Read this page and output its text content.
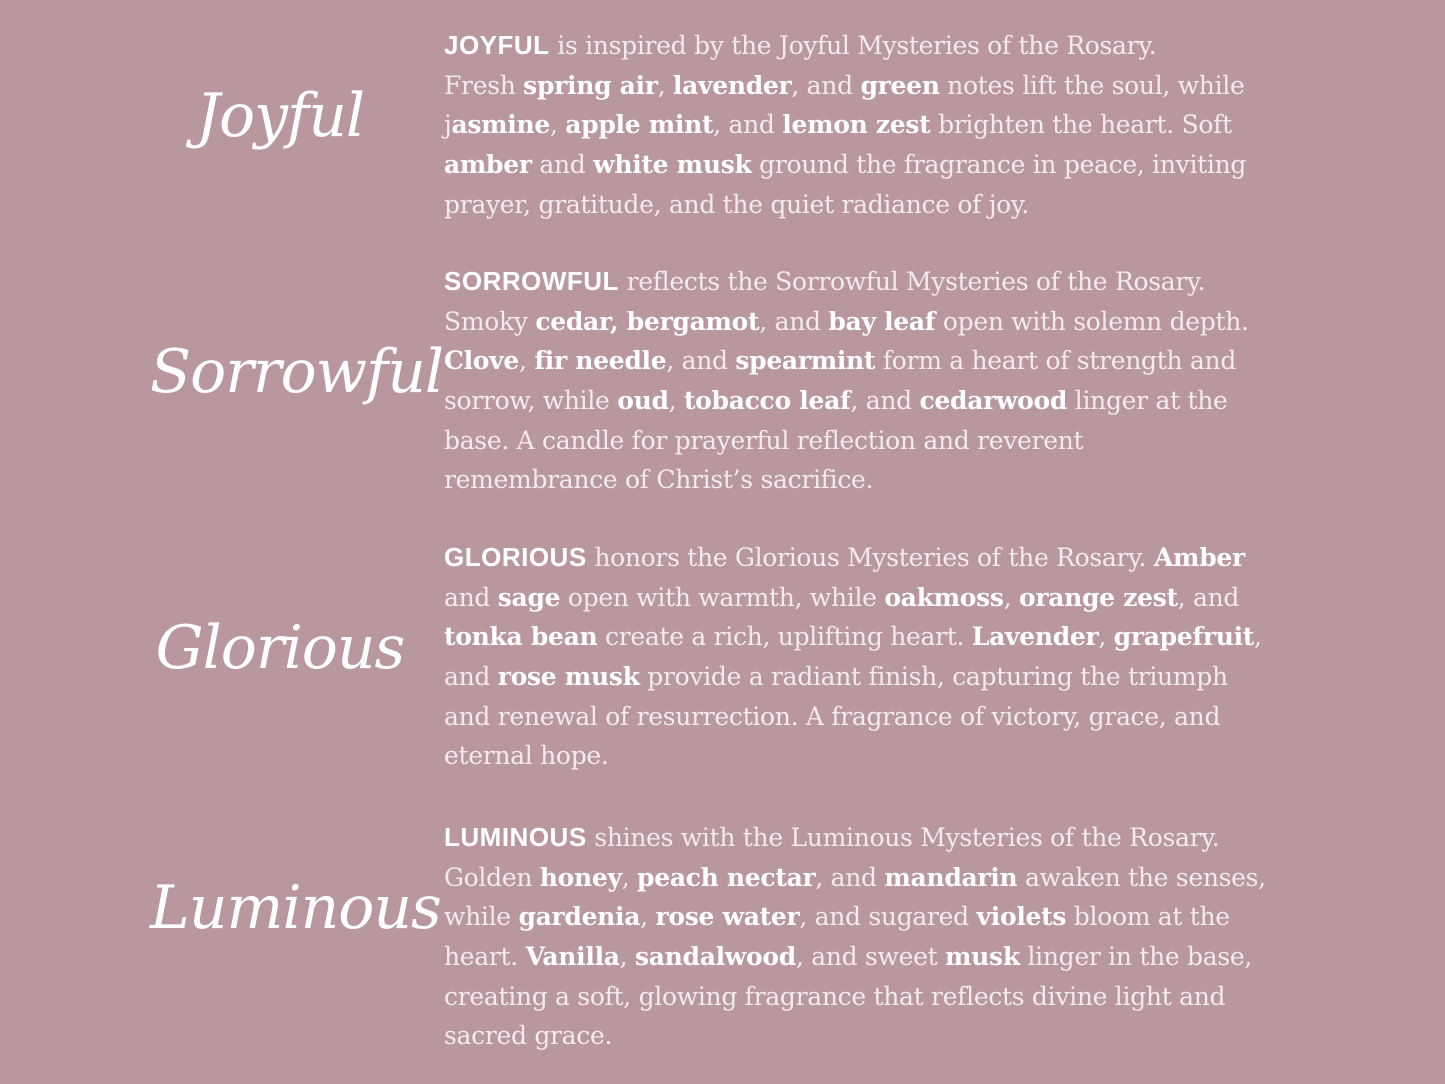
Joyful
JOYFUL is inspired by the Joyful Mysteries of the Rosary.
Fresh spring air, lavender, and green notes lift the soul, while
jasmine, apple mint, and lemon zest brighten the heart. Soft
amber and white musk ground the fragrance in peace, inviting
prayer, gratitude, and the quiet radiance of joy.
Sorrowful
SORROWFUL reflects the Sorrowful Mysteries of the Rosary.
Smoky cedar, bergamot, and bay leaf open with solemn depth.
Clove, fir needle, and spearmint form a heart of strength and
sorrow, while oud, tobacco leaf, and cedarwood linger at the
base. A candle for prayerful reflection and reverent
remembrance of Christ’s sacrifice.
Glorious
GLORIOUS honors the Glorious Mysteries of the Rosary. Amber
and sage open with warmth, while oakmoss, orange zest, and
tonka bean create a rich, uplifting heart. Lavender, grapefruit,
and rose musk provide a radiant finish, capturing the triumph
and renewal of resurrection. A fragrance of victory, grace, and
eternal hope.
Luminous
LUMINOUS shines with the Luminous Mysteries of the Rosary.
Golden honey, peach nectar, and mandarin awaken the senses,
while gardenia, rose water, and sugared violets bloom at the
heart. Vanilla, sandalwood, and sweet musk linger in the base,
creating a soft, glowing fragrance that reflects divine light and
sacred grace.
